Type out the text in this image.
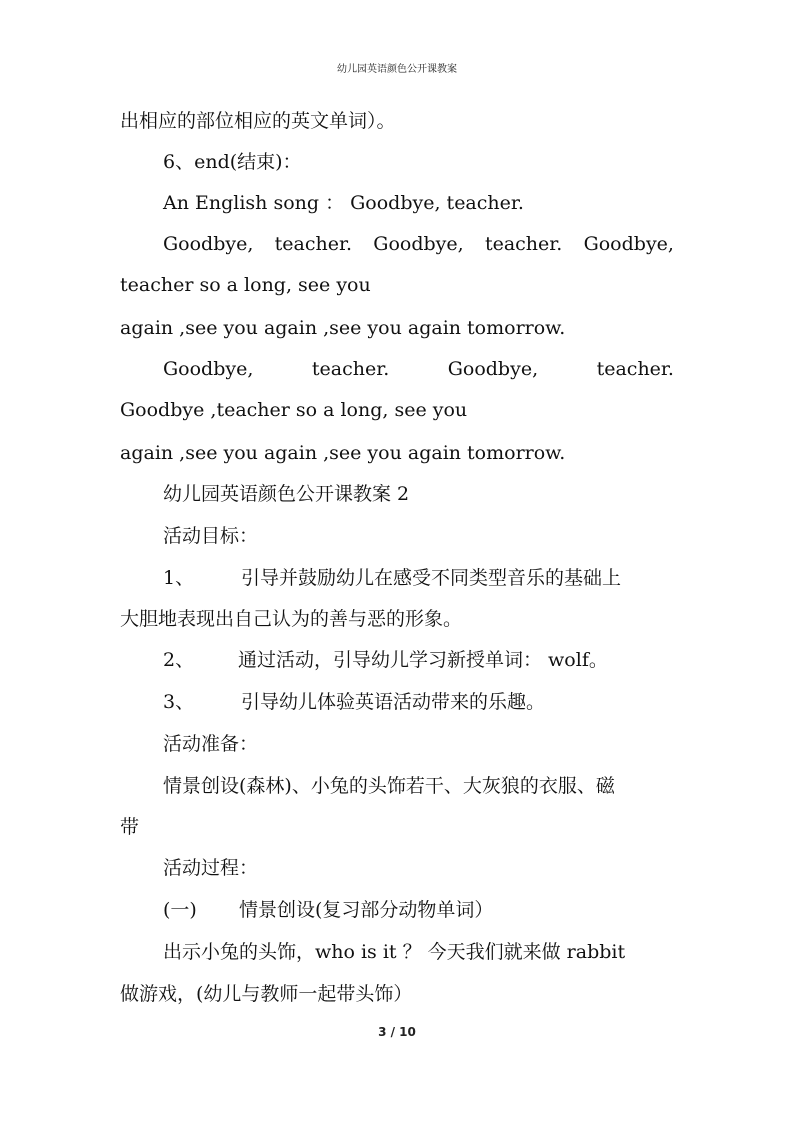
幼儿园英语颜色公开课教案
出相应的部位相应的英文单词）。
6、end(结束)：
An English song ： Goodbye, teacher.
Goodbye, teacher. Goodbye, teacher. Goodbye,
teacher so a long, see you
again ,see you again ,see you again tomorrow.
Goodbye,	teacher.	Goodbye,	teacher.
Goodbye ,teacher so a long, see you
again ,see you again ,see you again tomorrow.
幼儿园英语颜色公开课教案 2
活动目标：
1、 引导并鼓励幼儿在感受不同类型音乐的基础上
大胆地表现出自己认为的善与恶的形象。
2、 通过活动，引导幼儿学习新授单词： wolf。
3、 引导幼儿体验英语活动带来的乐趣。
活动准备：
情景创设(森林)、小兔的头饰若干、大灰狼的衣服、磁
带
活动过程：
(一) 情景创设(复习部分动物单词）
出示小兔的头饰，who is it ？ 今天我们就来做 rabbit
做游戏，(幼儿与教师一起带头饰）
3 / 10
